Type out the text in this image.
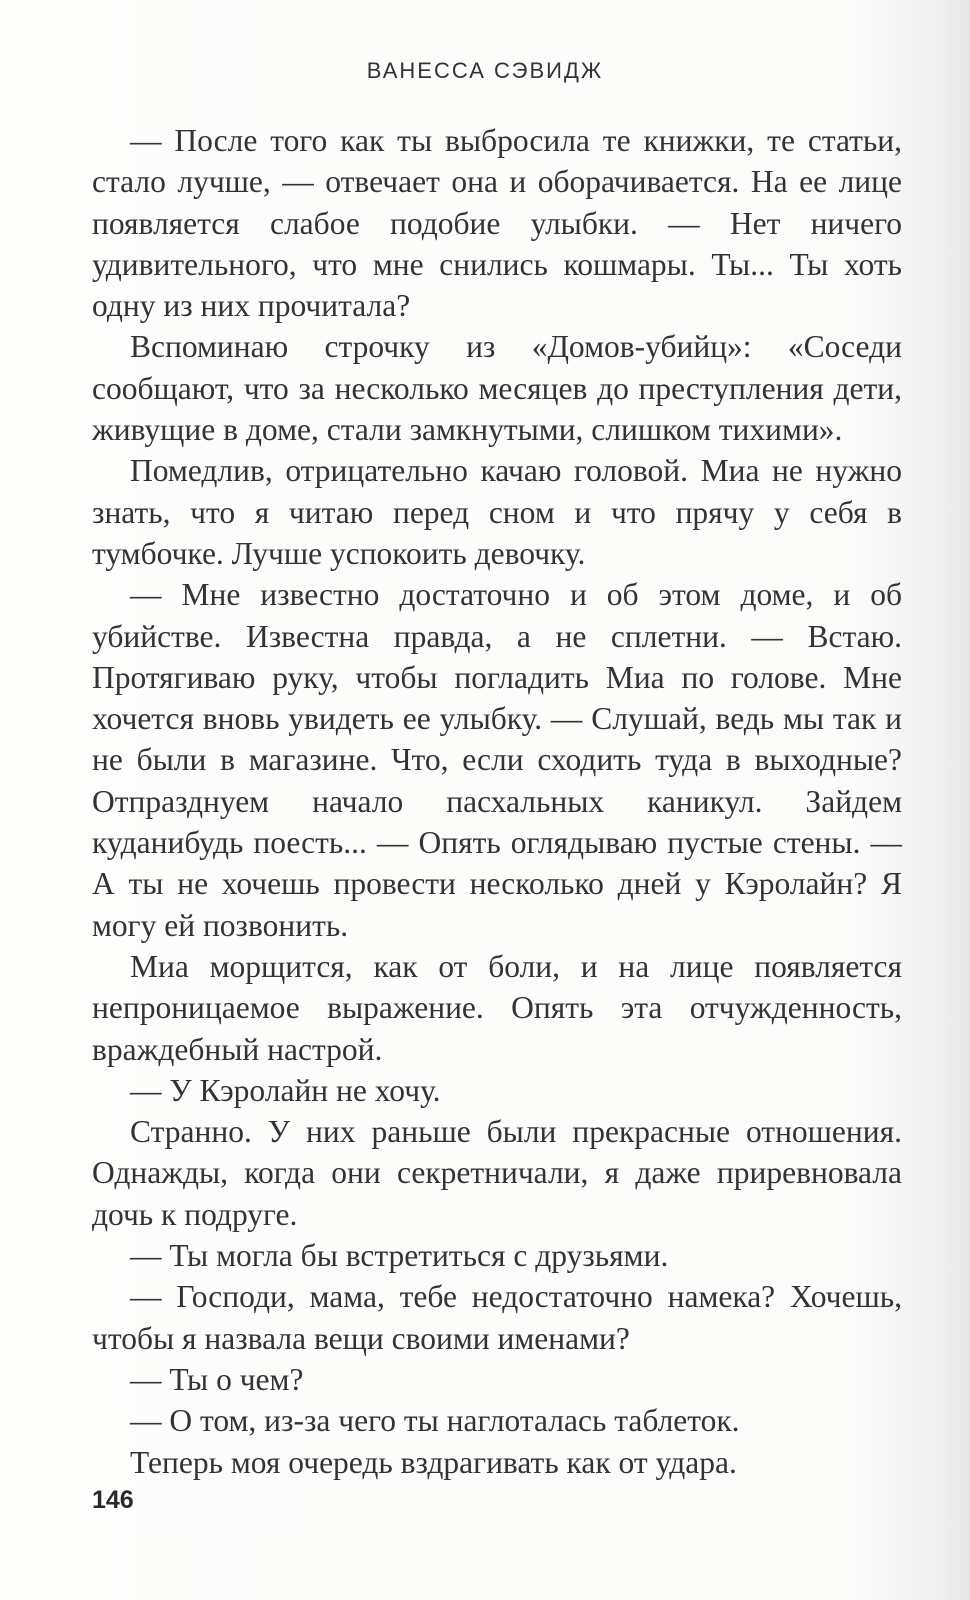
ВАНЕССА СЭВИДЖ

— После того как ты выбросила те книжки, те статьи, стало лучше, — отвечает она и оборачивается. На ее лице появляется слабое подобие улыбки. — Нет ничего удивительного, что мне снились кошмары. Ты... Ты хоть одну из них прочитала?

Вспоминаю строчку из «Домов-убийц»: «Соседи сообщают, что за несколько месяцев до преступления дети, живущие в доме, стали замкнутыми, слишком тихими».

Помедлив, отрицательно качаю головой. Миа не нужно знать, что я читаю перед сном и что прячу у себя в тумбочке. Лучше успокоить девочку.

— Мне известно достаточно и об этом доме, и об убийстве. Известна правда, а не сплетни. — Встаю. Протягиваю руку, чтобы погладить Миа по голове. Мне хочется вновь увидеть ее улыбку. — Слушай, ведь мы так и не были в магазине. Что, если сходить туда в выходные? Отпразднуем начало пасхальных каникул. Зайдем куданибудь поесть... — Опять оглядываю пустые стены. — А ты не хочешь провести несколько дней у Кэролайн? Я могу ей позвонить.

Миа морщится, как от боли, и на лице появляется непроницаемое выражение. Опять эта отчужденность, враждебный настрой.

— У Кэролайн не хочу.

Странно. У них раньше были прекрасные отношения. Однажды, когда они секретничали, я даже приревновала дочь к подруге.

— Ты могла бы встретиться с друзьями.

— Господи, мама, тебе недостаточно намека? Хочешь, чтобы я назвала вещи своими именами?

— Ты о чем?

— О том, из-за чего ты наглоталась таблеток.

Теперь моя очередь вздрагивать как от удара.

146
